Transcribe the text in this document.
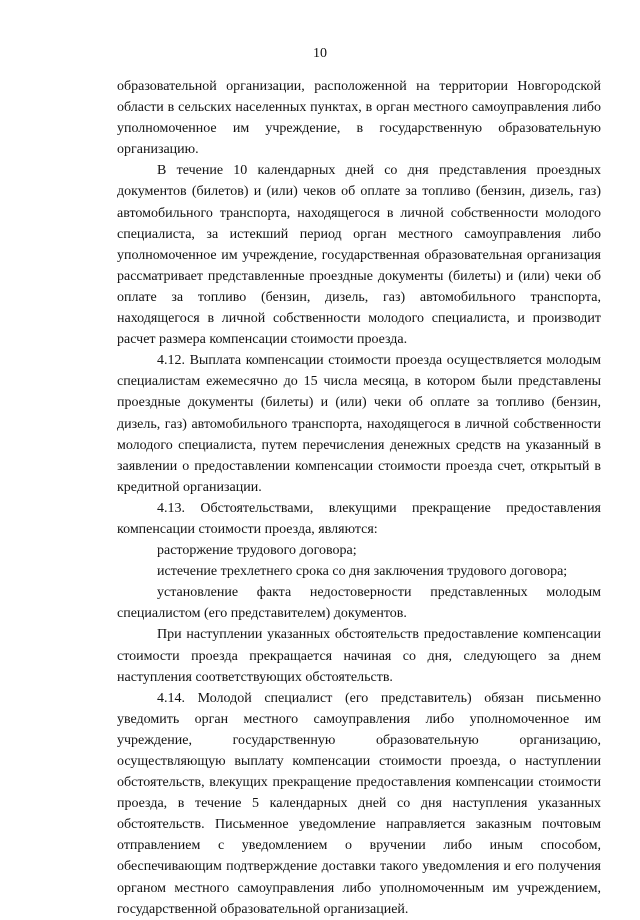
10

образовательной организации, расположенной на территории Новгородской области в сельских населенных пунктах, в орган местного самоуправления либо уполномоченное им учреждение, в государственную образовательную организацию.

В течение 10 календарных дней со дня представления проездных документов (билетов) и (или) чеков об оплате за топливо (бензин, дизель, газ) автомобильного транспорта, находящегося в личной собственности молодого специалиста, за истекший период орган местного самоуправления либо уполномоченное им учреждение, государственная образовательная организация рассматривает представленные проездные документы (билеты) и (или) чеки об оплате за топливо (бензин, дизель, газ) автомобильного транспорта, находящегося в личной собственности молодого специалиста, и производит расчет размера компенсации стоимости проезда.

4.12. Выплата компенсации стоимости проезда осуществляется молодым специалистам ежемесячно до 15 числа месяца, в котором были представлены проездные документы (билеты) и (или) чеки об оплате за топливо (бензин, дизель, газ) автомобильного транспорта, находящегося в личной собственности молодого специалиста, путем перечисления денежных средств на указанный в заявлении о предоставлении компенсации стоимости проезда счет, открытый в кредитной организации.

4.13. Обстоятельствами, влекущими прекращение предоставления компенсации стоимости проезда, являются:

расторжение трудового договора;

истечение трехлетнего срока со дня заключения трудового договора;

установление факта недостоверности представленных молодым специалистом (его представителем) документов.

При наступлении указанных обстоятельств предоставление компенсации стоимости проезда прекращается начиная со дня, следующего за днем наступления соответствующих обстоятельств.

4.14. Молодой специалист (его представитель) обязан письменно уведомить орган местного самоуправления либо уполномоченное им учреждение, государственную образовательную организацию, осуществляющую выплату компенсации стоимости проезда, о наступлении обстоятельств, влекущих прекращение предоставления компенсации стоимости проезда, в течение 5 календарных дней со дня наступления указанных обстоятельств. Письменное уведомление направляется заказным почтовым отправлением с уведомлением о вручении либо иным способом, обеспечивающим подтверждение доставки такого уведомления и его получения органом местного самоуправления либо уполномоченным им учреждением, государственной образовательной организацией.
